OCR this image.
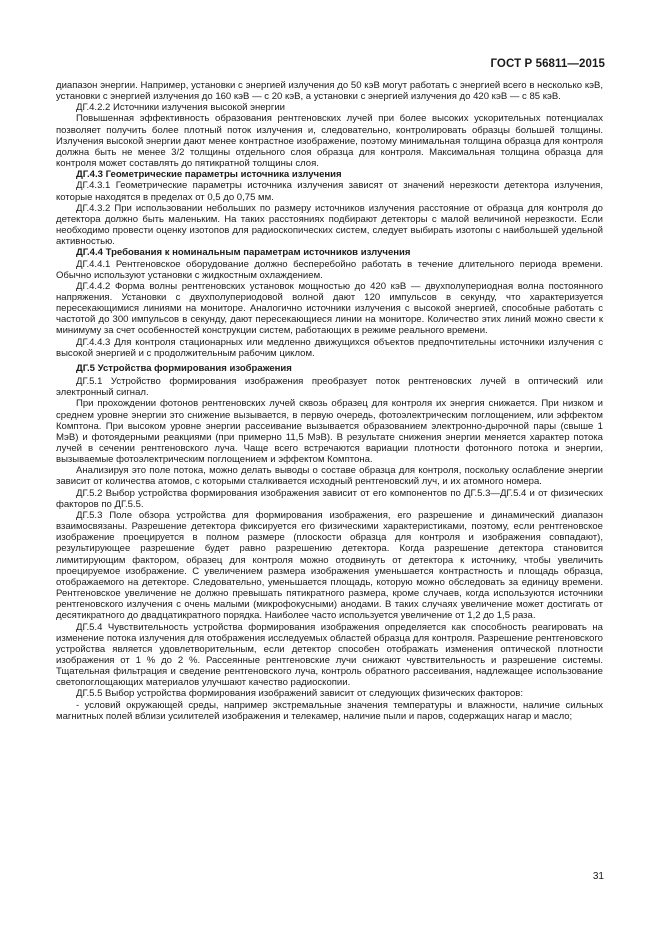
ГОСТ Р 56811—2015

диапазон энергии. Например, установки с энергией излучения до 50 кэВ могут работать с энергией всего в несколько кэВ, установки с энергией излучения до 160 кэВ — с 20 кэВ, а установки с энергией излучения до 420 кэВ — с 85 кэВ.

ДГ.4.2.2 Источники излучения высокой энергии

Повышенная эффективность образования рентгеновских лучей при более высоких ускорительных потенциалах позволяет получить более плотный поток излучения и, следовательно, контролировать образцы большей толщины. Излучения высокой энергии дают менее контрастное изображение, поэтому минимальная толщина образца для контроля должна быть не менее 3/2 толщины отдельного слоя образца для контроля. Максимальная толщина образца для контроля может составлять до пятикратной толщины слоя.

ДГ.4.3 Геометрические параметры источника излучения

ДГ.4.3.1 Геометрические параметры источника излучения зависят от значений нерезкости детектора излучения, которые находятся в пределах от 0,5 до 0,75 мм.

ДГ.4.3.2 При использовании небольших по размеру источников излучения расстояние от образца для контроля до детектора должно быть маленьким. На таких расстояниях подбирают детекторы с малой величиной нерезкости. Если необходимо провести оценку изотопов для радиоскопических систем, следует выбирать изотопы с наибольшей удельной активностью.

ДГ.4.4 Требования к номинальным параметрам источников излучения

ДГ.4.4.1 Рентгеновское оборудование должно бесперебойно работать в течение длительного периода времени. Обычно используют установки с жидкостным охлаждением.

ДГ.4.4.2 Форма волны рентгеновских установок мощностью до 420 кэВ — двухполупериодная волна постоянного напряжения. Установки с двухполупериодовой волной дают 120 импульсов в секунду, что характеризуется пересекающимися линиями на мониторе. Аналогично источники излучения с высокой энергией, способные работать с частотой до 300 импульсов в секунду, дают пересекающиеся линии на мониторе. Количество этих линий можно свести к минимуму за счет особенностей конструкции систем, работающих в режиме реального времени.

ДГ.4.4.3 Для контроля стационарных или медленно движущихся объектов предпочтительны источники излучения с высокой энергией и с продолжительным рабочим циклом.

ДГ.5 Устройства формирования изображения

ДГ.5.1 Устройство формирования изображения преобразует поток рентгеновских лучей в оптический или электронный сигнал.

При прохождении фотонов рентгеновских лучей сквозь образец для контроля их энергия снижается. При низком и среднем уровне энергии это снижение вызывается, в первую очередь, фотоэлектрическим поглощением, или эффектом Комптона. При высоком уровне энергии рассеивание вызывается образованием электронно-дырочной пары (свыше 1 МэВ) и фотоядерными реакциями (при примерно 11,5 МэВ). В результате снижения энергии меняется характер потока лучей в сечении рентгеновского луча. Чаще всего встречаются вариации плотности фотонного потока и энергии, вызываемые фотоэлектрическим поглощением и эффектом Комптона.

Анализируя это поле потока, можно делать выводы о составе образца для контроля, поскольку ослабление энергии зависит от количества атомов, с которыми сталкивается исходный рентгеновский луч, и их атомного номера.

ДГ.5.2 Выбор устройства формирования изображения зависит от его компонентов по ДГ.5.3—ДГ.5.4 и от физических факторов по ДГ.5.5.

ДГ.5.3 Поле обзора устройства для формирования изображения, его разрешение и динамический диапазон взаимосвязаны. Разрешение детектора фиксируется его физическими характеристиками, поэтому, если рентгеновское изображение проецируется в полном размере (плоскости образца для контроля и изображения совпадают), результирующее разрешение будет равно разрешению детектора. Когда разрешение детектора становится лимитирующим фактором, образец для контроля можно отодвинуть от детектора к источнику, чтобы увеличить проецируемое изображение. С увеличением размера изображения уменьшается контрастность и площадь образца, отображаемого на детекторе. Следовательно, уменьшается площадь, которую можно обследовать за единицу времени. Рентгеновское увеличение не должно превышать пятикратного размера, кроме случаев, когда используются источники рентгеновского излучения с очень малыми (микрофокусными) анодами. В таких случаях увеличение может достигать от десятикратного до двадцатикратного порядка. Наиболее часто используется увеличение от 1,2 до 1,5 раза.

ДГ.5.4 Чувствительность устройства формирования изображения определяется как способность реагировать на изменение потока излучения для отображения исследуемых областей образца для контроля. Разрешение рентгеновского устройства является удовлетворительным, если детектор способен отображать изменения оптической плотности изображения от 1 % до 2 %. Рассеянные рентгеновские лучи снижают чувствительность и разрешение системы. Тщательная фильтрация и сведение рентгеновского луча, контроль обратного рассеивания, надлежащее использование светопоглощающих материалов улучшают качество радиоскопии.

ДГ.5.5 Выбор устройства формирования изображений зависит от следующих физических факторов:

- условий окружающей среды, например экстремальные значения температуры и влажности, наличие сильных магнитных полей вблизи усилителей изображения и телекамер, наличие пыли и паров, содержащих нагар и масло;

31
